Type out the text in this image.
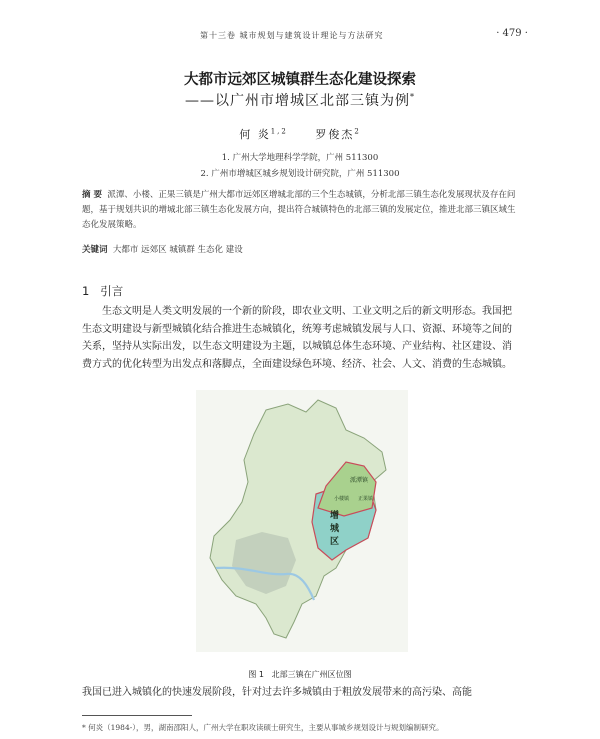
第十三卷 城市规划与建筑设计理论与方法研究	· 479 ·
大都市远郊区城镇群生态化建设探索
——以广州市增城区北部三镇为例*
何 炎$^{1,2}$ 罗俊杰$^2$
1. 广州大学地理科学学院，广州 511300
2. 广州市增城区城乡规划设计研究院，广州 511300
摘 要 派潭、小楼、正果三镇是广州大都市远郊区增城北部的三个生态城镇，分析北部三镇生态化发展现状及存在问题，基于规划共识的增城北部三镇生态化发展方向，提出符合城镇特色的北部三镇的发展定位，推进北部三镇区域生态化发展策略。
关键词 大都市 远郊区 城镇群 生态化 建设
1 引言
生态文明是人类文明发展的一个新的阶段，即农业文明、工业文明之后的新文明形态。我国把生态文明建设与新型城镇化结合推进生态城镇化，统筹考虑城镇发展与人口、资源、环境等之间的关系，坚持从实际出发，以生态文明建设为主题，以城镇总体生态环境、产业结构、社区建设、消费方式的优化转型为出发点和落脚点，全面建设绿色环境、经济、社会、人文、消费的生态城镇。
派潭镇
小楼镇 正果镇
增
城
区
图 1 北部三镇在广州区位图
我国已进入城镇化的快速发展阶段，针对过去许多城镇由于粗放发展带来的高污染、高能
* 何炎（1984-），男，湖南邵阳人，广州大学在职攻读硕士研究生，主要从事城乡规划设计与规划编制研究。
